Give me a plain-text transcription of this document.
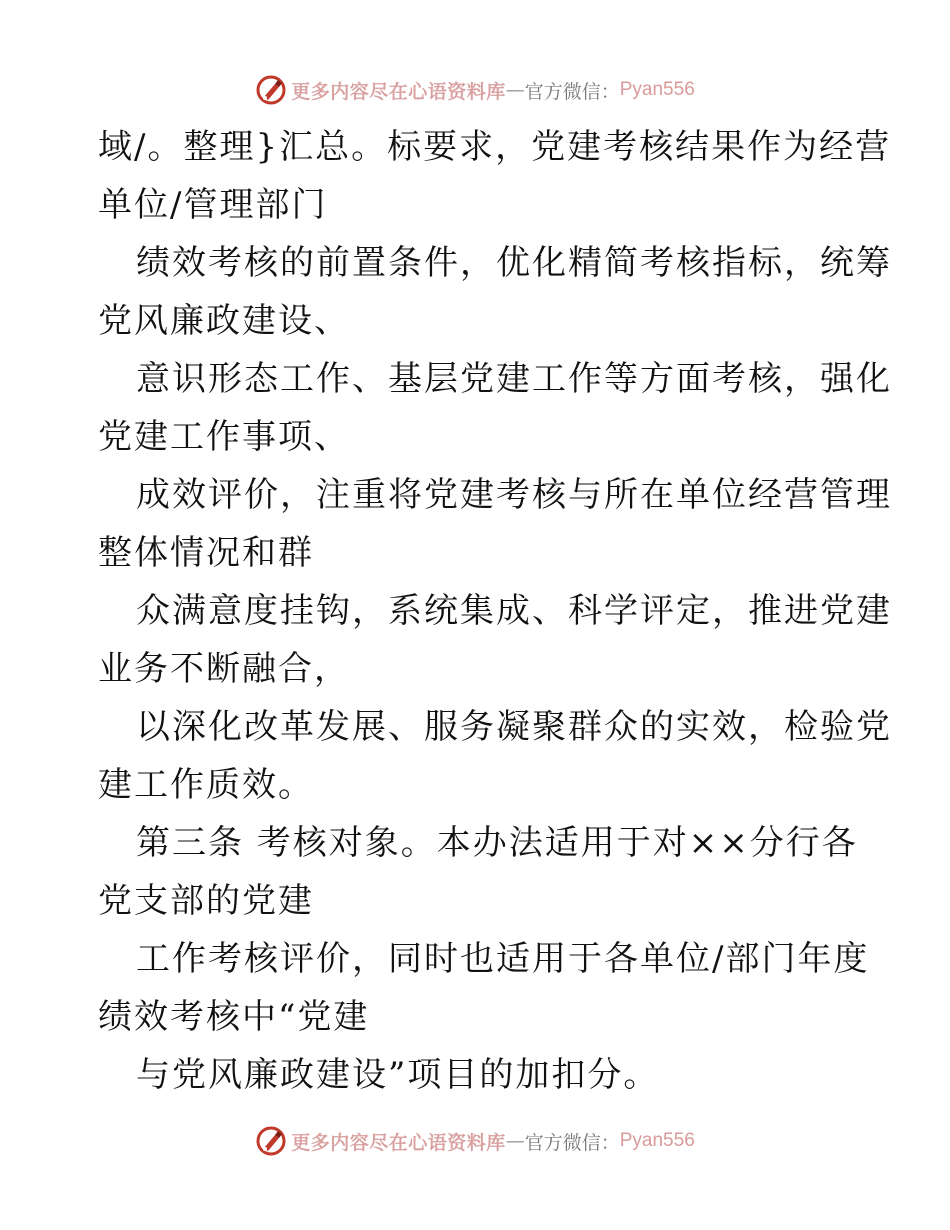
更多内容尽在心语资料库 — 官方微信： Pyan556
域/。整理}汇总。标要求，党建考核结果作为经营
单位/管理部门
绩效考核的前置条件，优化精简考核指标，统筹
党风廉政建设、
意识形态工作、基层党建工作等方面考核，强化
党建工作事项、
成效评价，注重将党建考核与所在单位经营管理
整体情况和群
众满意度挂钩，系统集成、科学评定，推进党建
业务不断融合，
以深化改革发展、服务凝聚群众的实效，检验党
建工作质效。
第三条 考核对象。本办法适用于对××分行各
党支部的党建
工作考核评价，同时也适用于各单位/部门年度
绩效考核中“党建
与党风廉政建设”项目的加扣分。
更多内容尽在心语资料库 — 官方微信： Pyan556
